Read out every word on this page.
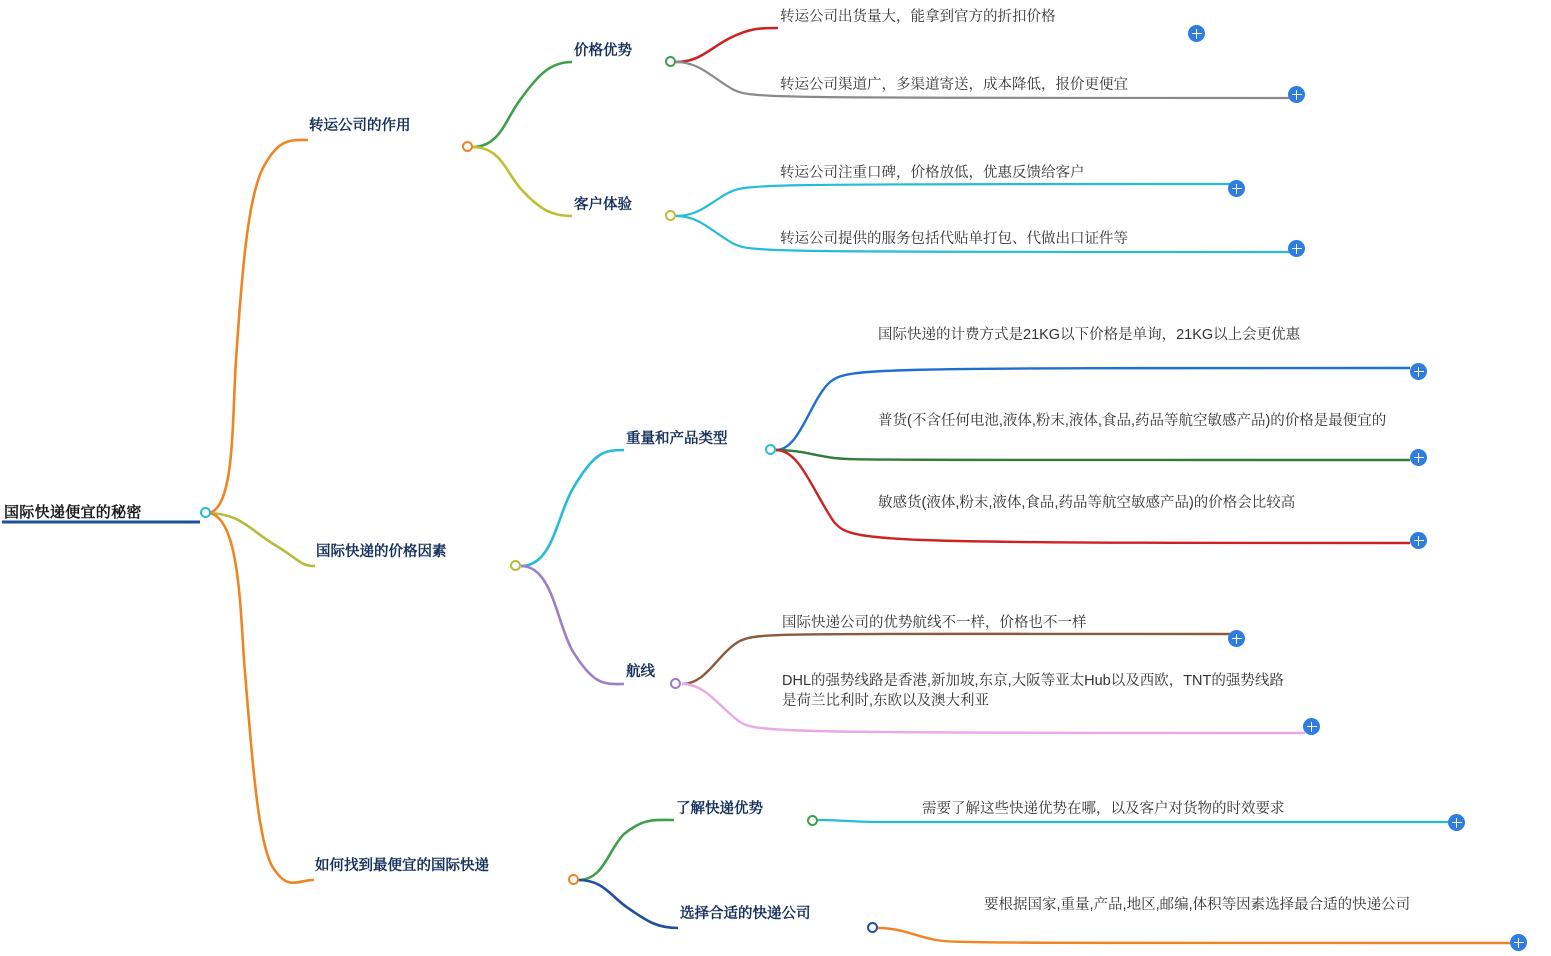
国际快递便宜的秘密
转运公司的作用
价格优势
转运公司出货量大，能拿到官方的折扣价格
转运公司渠道广，多渠道寄送，成本降低，报价更便宜
客户体验
转运公司注重口碑，价格放低，优惠反馈给客户
转运公司提供的服务包括代贴单打包、代做出口证件等
国际快递的价格因素
重量和产品类型
国际快递的计费方式是21KG以下价格是单询，21KG以上会更优惠
普货(不含任何电池,液体,粉末,液体,食品,药品等航空敏感产品)的价格是最便宜的
敏感货(液体,粉末,液体,食品,药品等航空敏感产品)的价格会比较高
航线
国际快递公司的优势航线不一样，价格也不一样
DHL的强势线路是香港,新加坡,东京,大阪等亚太Hub以及西欧，TNT的强势线路是荷兰比利时,东欧以及澳大利亚
如何找到最便宜的国际快递
了解快递优势	需要了解这些快递优势在哪，以及客户对货物的时效要求
选择合适的快递公司
要根据国家,重量,产品,地区,邮编,体积等因素选择最合适的快递公司
